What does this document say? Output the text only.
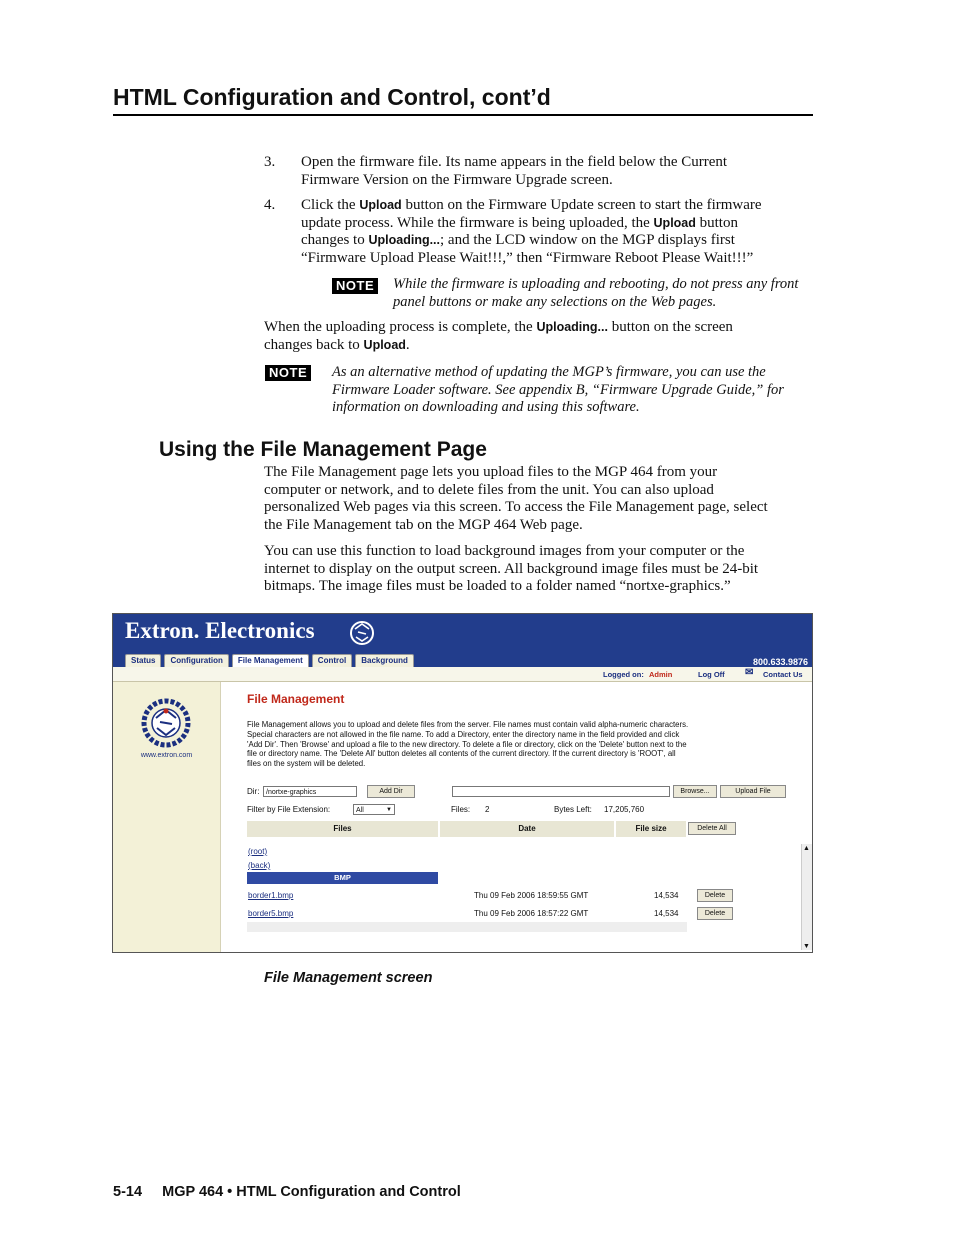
HTML Configuration and Control, cont’d
3. Open the firmware file. Its name appears in the field below the Current
Firmware Version on the Firmware Upgrade screen.
4. Click the Upload button on the Firmware Update screen to start the firmware
update process. While the firmware is being uploaded, the Upload button
changes to Uploading...; and the LCD window on the MGP displays first
“Firmware Upload Please Wait!!!,” then “Firmware Reboot Please Wait!!!”
NOTE While the firmware is uploading and rebooting, do not press any front
panel buttons or make any selections on the Web pages.
When the uploading process is complete, the Uploading... button on the screen
changes back to Upload.
NOTE As an alternative method of updating the MGP’s firmware, you can use the
Firmware Loader software. See appendix B, “Firmware Upgrade Guide,” for
information on downloading and using this software.
Using the File Management Page
The File Management page lets you upload files to the MGP 464 from your
computer or network, and to delete files from the unit. You can also upload
personalized Web pages via this screen. To access the File Management page, select
the File Management tab on the MGP 464 Web page.
You can use this function to load background images from your computer or the
internet to display on the output screen. All background image files must be 24-bit
bitmaps. The image files must be loaded to a folder named “nortxe-graphics.”
Extron. Electronics
Status	Configuration	File Management	Control	Background	800.633.9876
Logged on: Admin	Log Off ✉ Contact Us
www.extron.com
File Management
File Management allows you to upload and delete files from the server. File names must contain valid alpha-numeric characters.
Special characters are not allowed in the file name. To add a Directory, enter the directory name in the field provided and click
'Add Dir'. Then 'Browse' and upload a file to the new directory. To delete a file or directory, click on the 'Delete' button next to the
file or directory name. The 'Delete All' button deletes all contents of the current directory. If the current directory is 'ROOT', all
files on the system will be deleted.
Dir: /nortxe-graphics	Add Dir	Browse...	Upload File
Filter by File Extension:	All	▼	Files: 2	Bytes Left: 17,205,760
Files	Date	File size	Delete All
(root)
(back)
BMP
border1.bmp	Thu 09 Feb 2006 18:59:55 GMT	14,534	Delete
border5.bmp	Thu 09 Feb 2006 18:57:22 GMT	14,534	Delete
▲
▼
File Management screen
5-14     MGP 464 • HTML Configuration and Control
